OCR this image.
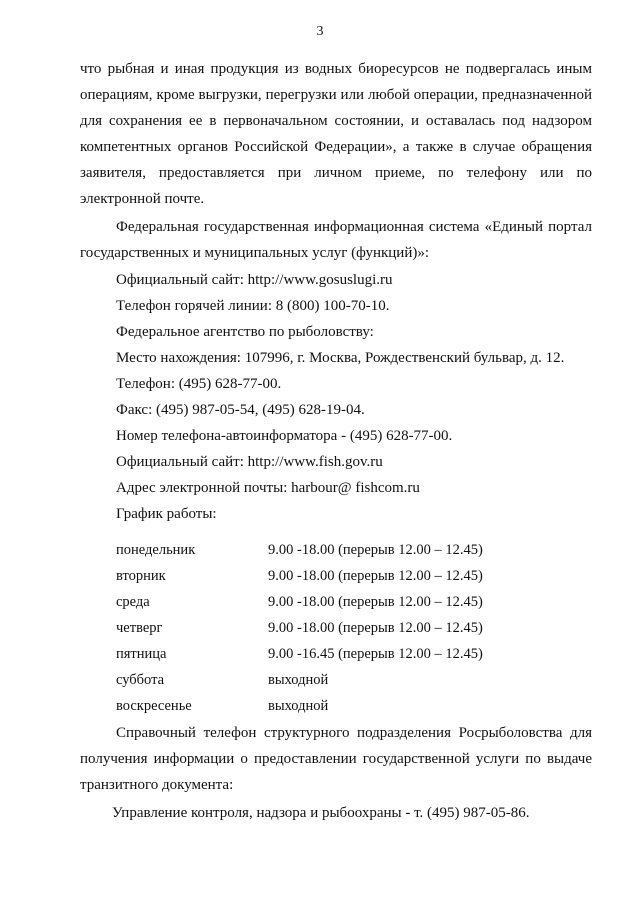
3
что рыбная и иная продукция из водных биоресурсов не подвергалась иным
операциям, кроме выгрузки, перегрузки или любой операции, предназначенной
для сохранения ее в первоначальном состоянии, и оставалась под надзором
компетентных органов Российской Федерации», а также в случае обращения
заявителя, предоставляется при личном приеме, по телефону или по
электронной почте.
Федеральная государственная информационная система «Единый портал
государственных и муниципальных услуг (функций)»:
Официальный сайт: http://www.gosuslugi.ru
Телефон горячей линии: 8 (800) 100-70-10.
Федеральное агентство по рыболовству:
Место нахождения: 107996, г. Москва, Рождественский бульвар, д. 12.
Телефон: (495) 628-77-00.
Факс: (495) 987-05-54, (495) 628-19-04.
Номер телефона-автоинформатора - (495) 628-77-00.
Официальный сайт: http://www.fish.gov.ru
Адрес электронной почты: harbour@ fishcom.ru
График работы:
понедельник	9.00 -18.00 (перерыв 12.00 – 12.45)
вторник	9.00 -18.00 (перерыв 12.00 – 12.45)
среда	9.00 -18.00 (перерыв 12.00 – 12.45)
четверг	9.00 -18.00 (перерыв 12.00 – 12.45)
пятница	9.00 -16.45 (перерыв 12.00 – 12.45)
суббота	выходной
воскресенье	выходной
Справочный телефон структурного подразделения Росрыболовства для
получения информации о предоставлении государственной услуги по выдаче
транзитного документа:
Управление контроля, надзора и рыбоохраны - т. (495) 987-05-86.
